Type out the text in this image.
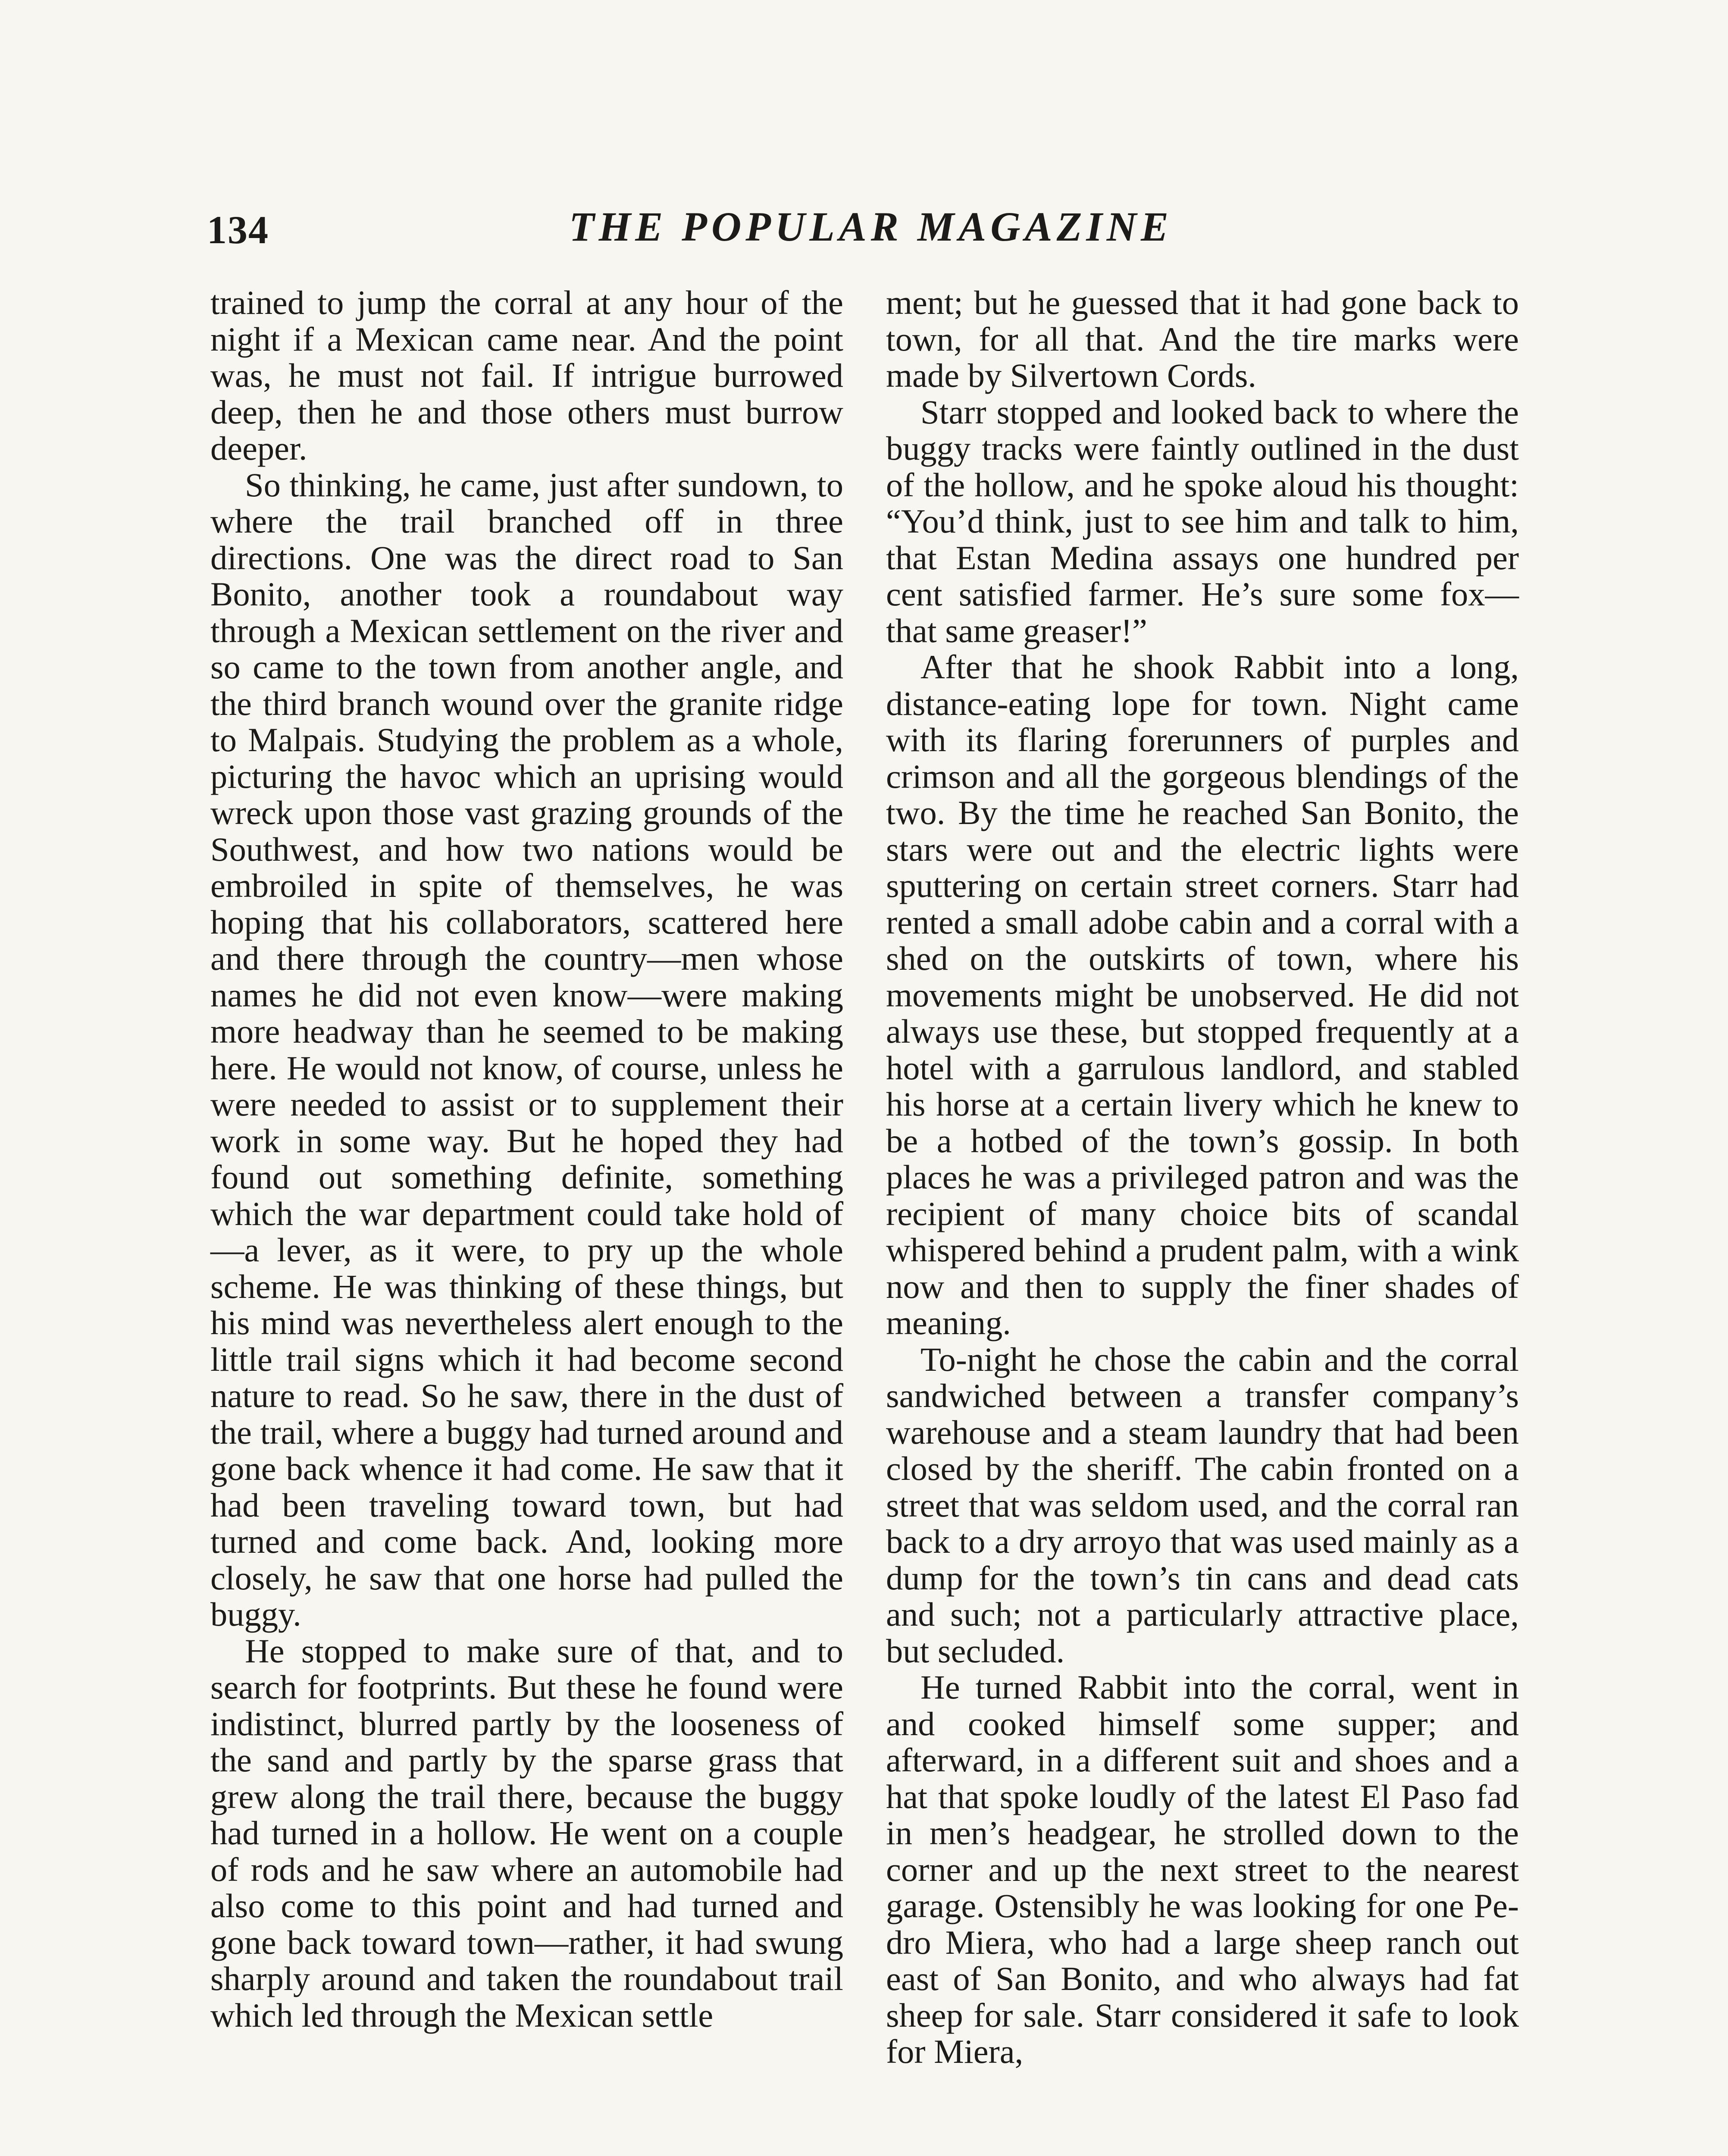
134	THE POPULAR MAGAZINE

trained to jump the corral at any hour of the night if a Mexican came near. And the point was, he must not fail. If intrigue burrowed deep, then he and those others must burrow deeper.

So thinking, he came, just after sundown, to where the trail branched off in three directions. One was the direct road to San Bonito, another took a roundabout way through a Mexican settlement on the river and so came to the town from another angle, and the third branch wound over the granite ridge to Malpais. Studying the problem as a whole, picturing the havoc which an uprising would wreck upon those vast grazing grounds of the Southwest, and how two nations would be embroiled in spite of themselves, he was hoping that his collaborators, scattered here and there through the country—men whose names he did not even know—were making more headway than he seemed to be making here. He would not know, of course, unless he were needed to assist or to supplement their work in some way. But he hoped they had found out something definite, something which the war department could take hold of—a lever, as it were, to pry up the whole scheme. He was thinking of these things, but his mind was nevertheless alert enough to the little trail signs which it had become second nature to read. So he saw, there in the dust of the trail, where a buggy had turned around and gone back whence it had come. He saw that it had been traveling toward town, but had turned and come back. And, looking more closely, he saw that one horse had pulled the buggy.

He stopped to make sure of that, and to search for footprints. But these he found were indistinct, blurred partly by the looseness of the sand and partly by the sparse grass that grew along the trail there, because the buggy had turned in a hollow. He went on a couple of rods and he saw where an automobile had also come to this point and had turned and gone back toward town—rather, it had swung sharply around and taken the roundabout trail which led through the Mexican settle

ment; but he guessed that it had gone back to town, for all that. And the tire marks were made by Silvertown Cords.

Starr stopped and looked back to where the buggy tracks were faintly outlined in the dust of the hollow, and he spoke aloud his thought: “You’d think, just to see him and talk to him, that Estan Medina assays one hundred per cent satisfied farmer. He’s sure some fox—that same greaser!”

After that he shook Rabbit into a long, distance-eating lope for town. Night came with its flaring forerunners of purples and crimson and all the gorgeous blendings of the two. By the time he reached San Bonito, the stars were out and the electric lights were sputtering on certain street corners. Starr had rented a small adobe cabin and a corral with a shed on the outskirts of town, where his movements might be unobserved. He did not always use these, but stopped frequently at a hotel with a garrulous landlord, and stabled his horse at a certain livery which he knew to be a hotbed of the town’s gossip. In both places he was a privileged patron and was the recipient of many choice bits of scandal whispered behind a prudent palm, with a wink now and then to supply the finer shades of meaning.

To-night he chose the cabin and the corral sandwiched between a transfer company’s warehouse and a steam laundry that had been closed by the sheriff. The cabin fronted on a street that was seldom used, and the corral ran back to a dry arroyo that was used mainly as a dump for the town’s tin cans and dead cats and such; not a particularly attractive place, but secluded.

He turned Rabbit into the corral, went in and cooked himself some supper; and afterward, in a different suit and shoes and a hat that spoke loudly of the latest El Paso fad in men’s headgear, he strolled down to the corner and up the next street to the nearest garage. Ostensibly he was looking for one Pedro Miera, who had a large sheep ranch out east of San Bonito, and who always had fat sheep for sale. Starr considered it safe to look for Miera,
